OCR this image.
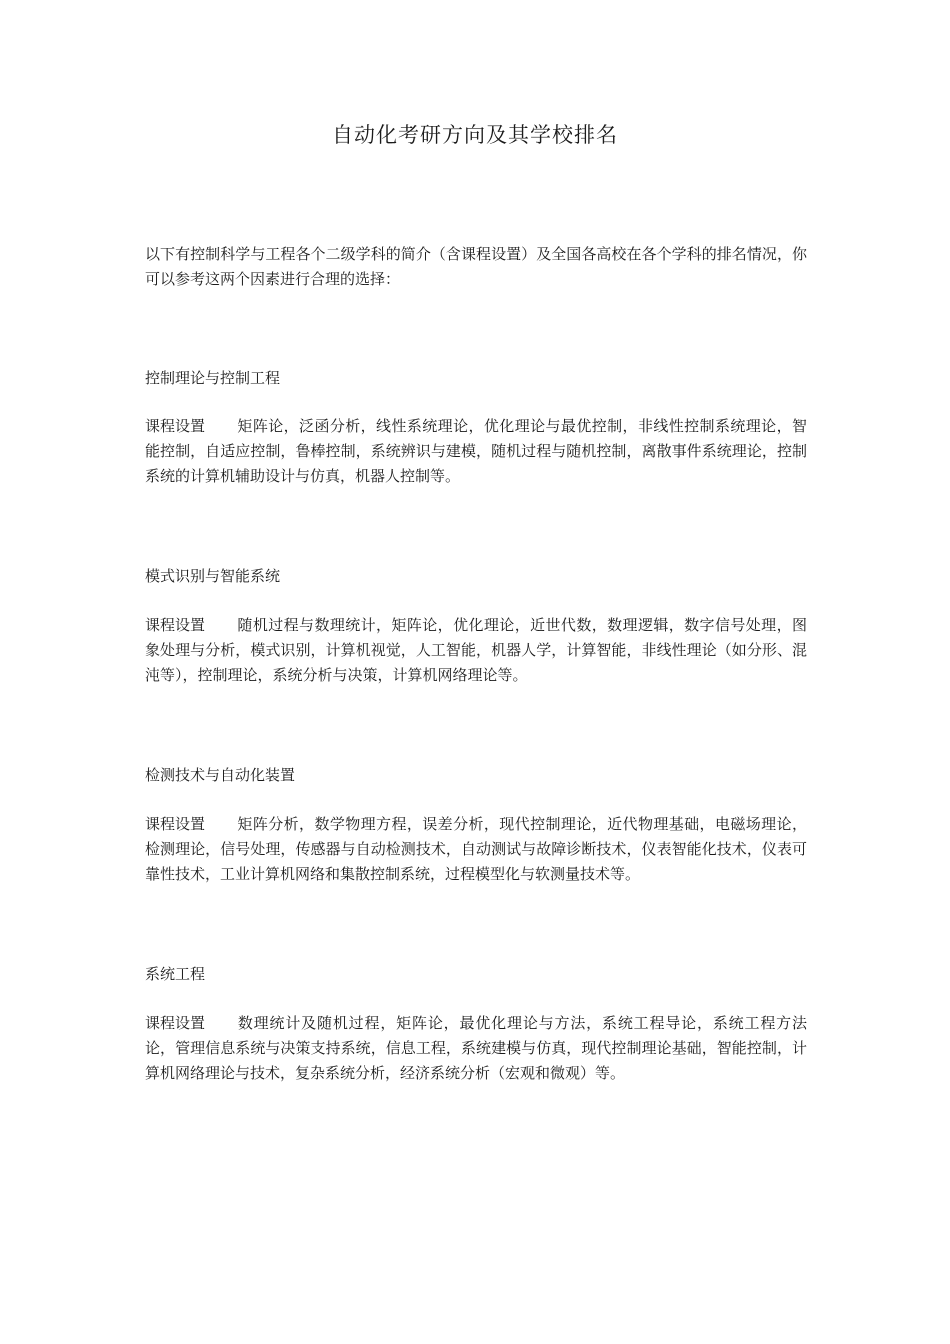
自动化考研方向及其学校排名

以下有控制科学与工程各个二级学科的简介（含课程设置）及全国各高校在各个学科的排名情况，你可以参考这两个因素进行合理的选择：

控制理论与控制工程

课程设置 矩阵论，泛函分析，线性系统理论，优化理论与最优控制，非线性控制系统理论，智能控制，自适应控制，鲁棒控制，系统辨识与建模，随机过程与随机控制，离散事件系统理论，控制系统的计算机辅助设计与仿真，机器人控制等。

模式识别与智能系统

课程设置 随机过程与数理统计，矩阵论，优化理论，近世代数，数理逻辑，数字信号处理，图象处理与分析，模式识别，计算机视觉，人工智能，机器人学，计算智能，非线性理论（如分形、混沌等），控制理论，系统分析与决策，计算机网络理论等。

检测技术与自动化装置

课程设置 矩阵分析，数学物理方程，误差分析，现代控制理论，近代物理基础，电磁场理论，检测理论，信号处理，传感器与自动检测技术，自动测试与故障诊断技术，仪表智能化技术，仪表可靠性技术，工业计算机网络和集散控制系统，过程模型化与软测量技术等。

系统工程

课程设置 数理统计及随机过程，矩阵论，最优化理论与方法，系统工程导论，系统工程方法论，管理信息系统与决策支持系统，信息工程，系统建模与仿真，现代控制理论基础，智能控制，计算机网络理论与技术，复杂系统分析，经济系统分析（宏观和微观）等。
